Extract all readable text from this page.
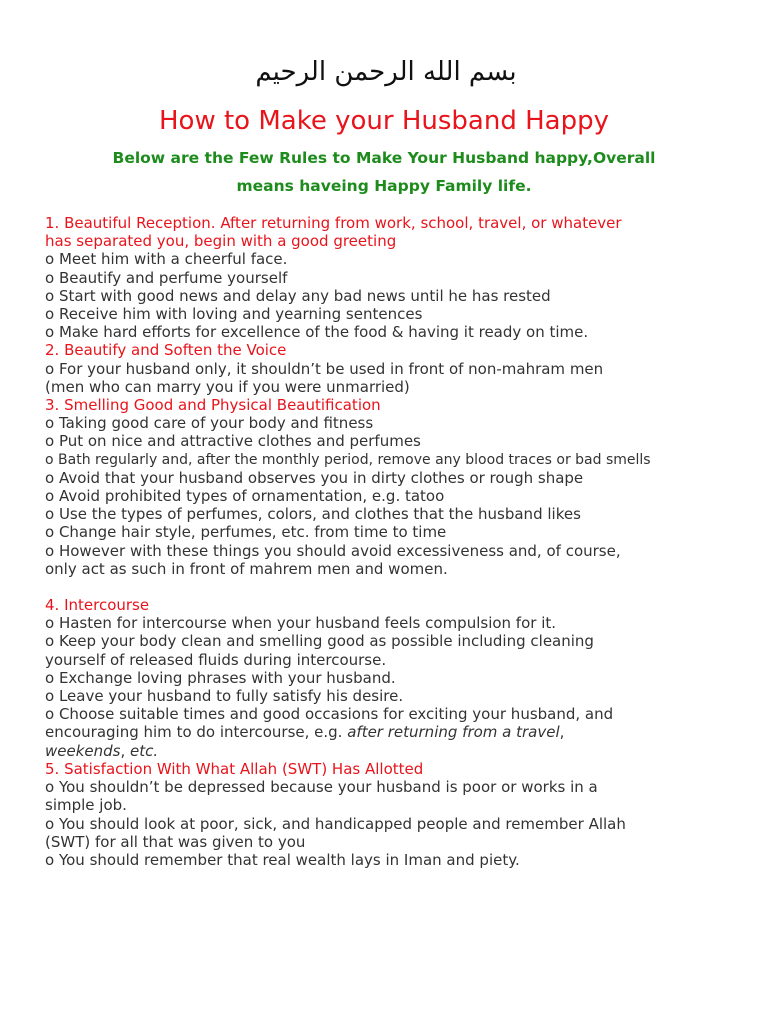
بسم الله الرحمن الرحيم
How to Make your Husband Happy
Below are the Few Rules to Make Your Husband happy,Overall
means haveing Happy Family life.
1. Beautiful Reception. After returning from work, school, travel, or whatever
has separated you, begin with a good greeting
o Meet him with a cheerful face.
o Beautify and perfume yourself
o Start with good news and delay any bad news until he has rested
o Receive him with loving and yearning sentences
o Make hard efforts for excellence of the food & having it ready on time.
2. Beautify and Soften the Voice
o For your husband only, it shouldn’t be used in front of non-mahram men
(men who can marry you if you were unmarried)
3. Smelling Good and Physical Beautification
o Taking good care of your body and fitness
o Put on nice and attractive clothes and perfumes
o Bath regularly and, after the monthly period, remove any blood traces or bad smells
o Avoid that your husband observes you in dirty clothes or rough shape
o Avoid prohibited types of ornamentation, e.g. tatoo
o Use the types of perfumes, colors, and clothes that the husband likes
o Change hair style, perfumes, etc. from time to time
o However with these things you should avoid excessiveness and, of course,
only act as such in front of mahrem men and women.
4. Intercourse
o Hasten for intercourse when your husband feels compulsion for it.
o Keep your body clean and smelling good as possible including cleaning
yourself of released fluids during intercourse.
o Exchange loving phrases with your husband.
o Leave your husband to fully satisfy his desire.
o Choose suitable times and good occasions for exciting your husband, and
encouraging him to do intercourse, e.g. after returning from a travel,
weekends, etc.
5. Satisfaction With What Allah (SWT) Has Allotted
o You shouldn’t be depressed because your husband is poor or works in a
simple job.
o You should look at poor, sick, and handicapped people and remember Allah
(SWT) for all that was given to you
o You should remember that real wealth lays in Iman and piety.
